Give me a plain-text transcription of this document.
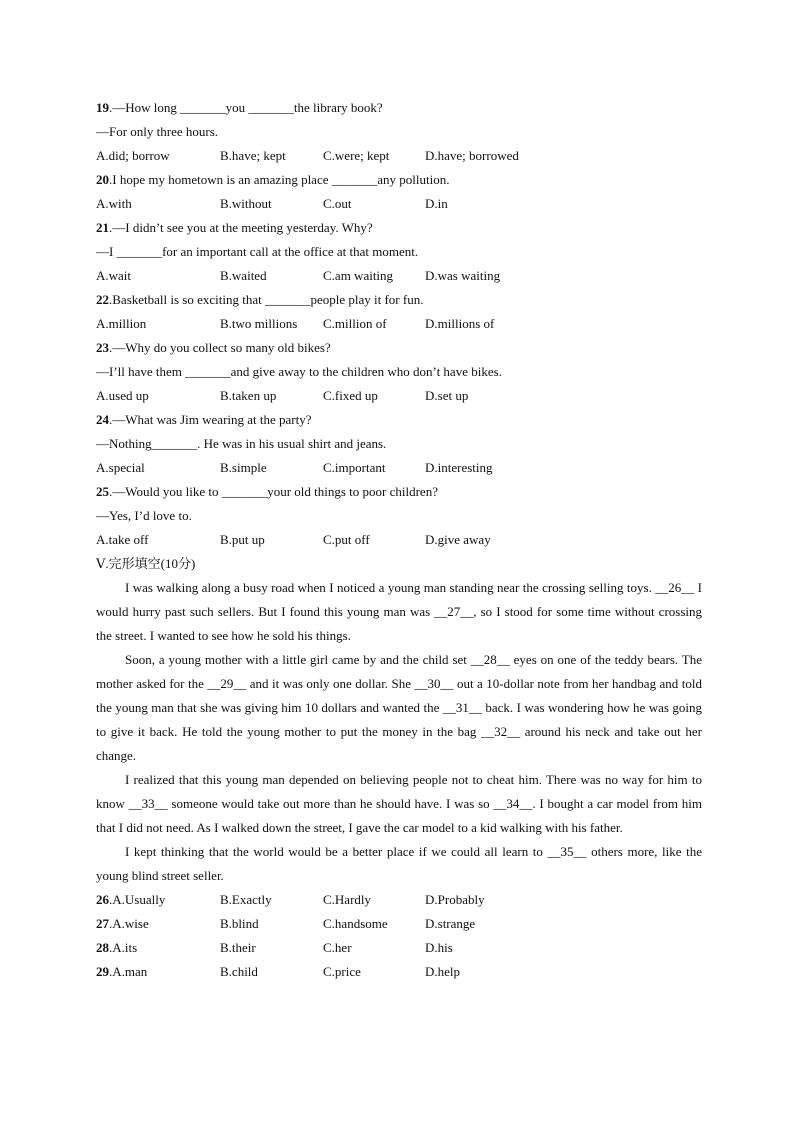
19.—How long _______you _______the library book?
—For only three hours.
A.did; borrow	B.have; kept	C.were; kept	D.have; borrowed
20.I hope my hometown is an amazing place _______any pollution.
A.with	B.without	C.out	D.in
21.—I didn’t see you at the meeting yesterday. Why?
—I _______for an important call at the office at that moment.
A.wait	B.waited	C.am waiting D.was waiting
22.Basketball is so exciting that _______people play it for fun.
A.million	B.two millions C.million of	D.millions of
23.—Why do you collect so many old bikes?
—I’ll have them _______and give away to the children who don’t have bikes.
A.used up	B.taken up	C.fixed up	D.set up
24.—What was Jim wearing at the party?
—Nothing_______. He was in his usual shirt and jeans.
A.special	B.simple	C.important	D.interesting
25.—Would you like to _______your old things to poor children?
—Yes, I’d love to.
A.take off	B.put up	C.put off	D.give away
Ⅴ.完形填空(10分)
I was walking along a busy road when I noticed a young man standing near the crossing selling toys. __26__ I would hurry past such sellers. But I found this young man was __27__, so I stood for some time without crossing the street. I wanted to see how he sold his things.
Soon, a young mother with a little girl came by and the child set __28__ eyes on one of the teddy bears. The mother asked for the __29__ and it was only one dollar. She __30__ out a 10-dollar note from her handbag and told the young man that she was giving him 10 dollars and wanted the __31__ back. I was wondering how he was going to give it back. He told the young mother to put the money in the bag __32__ around his neck and take out her change.
I realized that this young man depended on believing people not to cheat him. There was no way for him to know __33__ someone would take out more than he should have. I was so __34__. I bought a car model from him that I did not need. As I walked down the street, I gave the car model to a kid walking with his father.
I kept thinking that the world would be a better place if we could all learn to __35__ others more, like the young blind street seller.
26.A.Usually	B.Exactly	C.Hardly	D.Probably
27.A.wise	B.blind	C.handsome	D.strange
28.A.its	B.their	C.her	D.his
29.A.man	B.child	C.price	D.help
